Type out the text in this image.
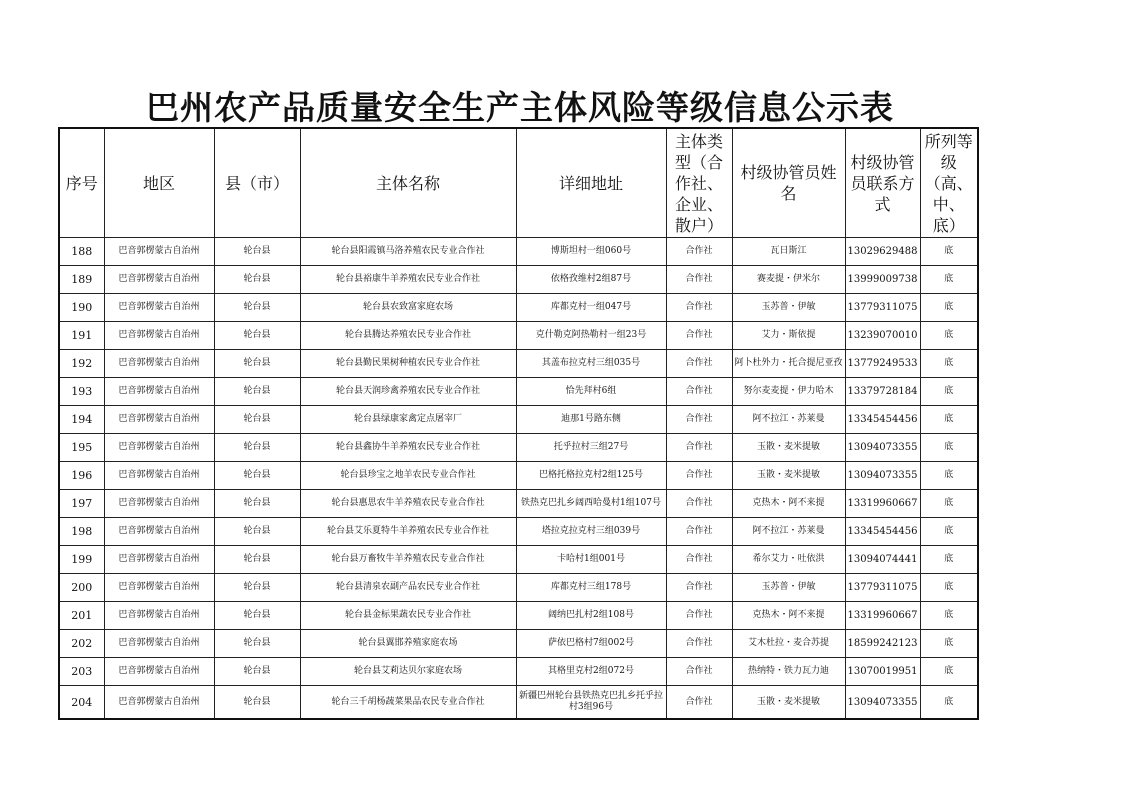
巴州农产品质量安全生产主体风险等级信息公示表
序号	地区	县（市）	主体名称	详细地址	主体类型（合作社、企业、散户）	村级协管员姓名	村级协管员联系方式	所列等级（高、中、底）
188	巴音郭楞蒙古自治州	轮台县	轮台县阳霞镇马洛养殖农民专业合作社	博斯坦村一组060号	合作社	瓦日斯江	13029629488	底
189	巴音郭楞蒙古自治州	轮台县	轮台县裕康牛羊养殖农民专业合作社	依格孜维村2组87号	合作社	赛麦提・伊米尔	13999009738	底
190	巴音郭楞蒙古自治州	轮台县	轮台县农致富家庭农场	库都克村一组047号	合作社	玉苏普・伊敏	13779311075	底
191	巴音郭楞蒙古自治州	轮台县	轮台县腾达养殖农民专业合作社	克什勒克阿热勒村一组23号	合作社	艾力・斯依提	13239070010	底
192	巴音郭楞蒙古自治州	轮台县	轮台县勤民果树种植农民专业合作社	其盖布拉克村三组035号	合作社	阿卜杜外力・托合提尼亚孜	13779249533	底
193	巴音郭楞蒙古自治州	轮台县	轮台县天润珍禽养殖农民专业合作社	恰先拜村6组	合作社	努尔麦麦提・伊力哈木	13379728184	底
194	巴音郭楞蒙古自治州	轮台县	轮台县绿康家禽定点屠宰厂	迪那1号路东侧	合作社	阿不拉江・苏莱曼	13345454456	底
195	巴音郭楞蒙古自治州	轮台县	轮台县鑫协牛羊养殖农民专业合作社	托乎拉村三组27号	合作社	玉散・麦米提敏	13094073355	底
196	巴音郭楞蒙古自治州	轮台县	轮台县珍宝之地羊农民专业合作社	巴格托格拉克村2组125号	合作社	玉散・麦米提敏	13094073355	底
197	巴音郭楞蒙古自治州	轮台县	轮台县惠思农牛羊养殖农民专业合作社	铁热克巴扎乡阔西哈曼村1组107号	合作社	克热木・阿不来提	13319960667	底
198	巴音郭楞蒙古自治州	轮台县	轮台县艾乐夏特牛羊养殖农民专业合作社	塔拉克拉克村三组039号	合作社	阿不拉江・苏莱曼	13345454456	底
199	巴音郭楞蒙古自治州	轮台县	轮台县万畜牧牛羊养殖农民专业合作社	卡哈村1组001号	合作社	希尔艾力・吐依洪	13094074441	底
200	巴音郭楞蒙古自治州	轮台县	轮台县清泉农副产品农民专业合作社	库都克村三组178号	合作社	玉苏普・伊敏	13779311075	底
201	巴音郭楞蒙古自治州	轮台县	轮台县金标果蔬农民专业合作社	阔纳巴扎村2组108号	合作社	克热木・阿不来提	13319960667	底
202	巴音郭楞蒙古自治州	轮台县	轮台县翼邯养殖家庭农场	萨依巴格村7组002号	合作社	艾木杜拉・麦合苏提	18599242123	底
203	巴音郭楞蒙古自治州	轮台县	轮台县艾莉达贝尔家庭农场	其格里克村2组072号	合作社	热纳特・铁力瓦力迪	13070019951	底
204	巴音郭楞蒙古自治州	轮台县	轮台三千胡杨蔬菜果品农民专业合作社	新疆巴州轮台县铁热克巴扎乡托乎拉村3组96号	合作社	玉散・麦米提敏	13094073355	底
